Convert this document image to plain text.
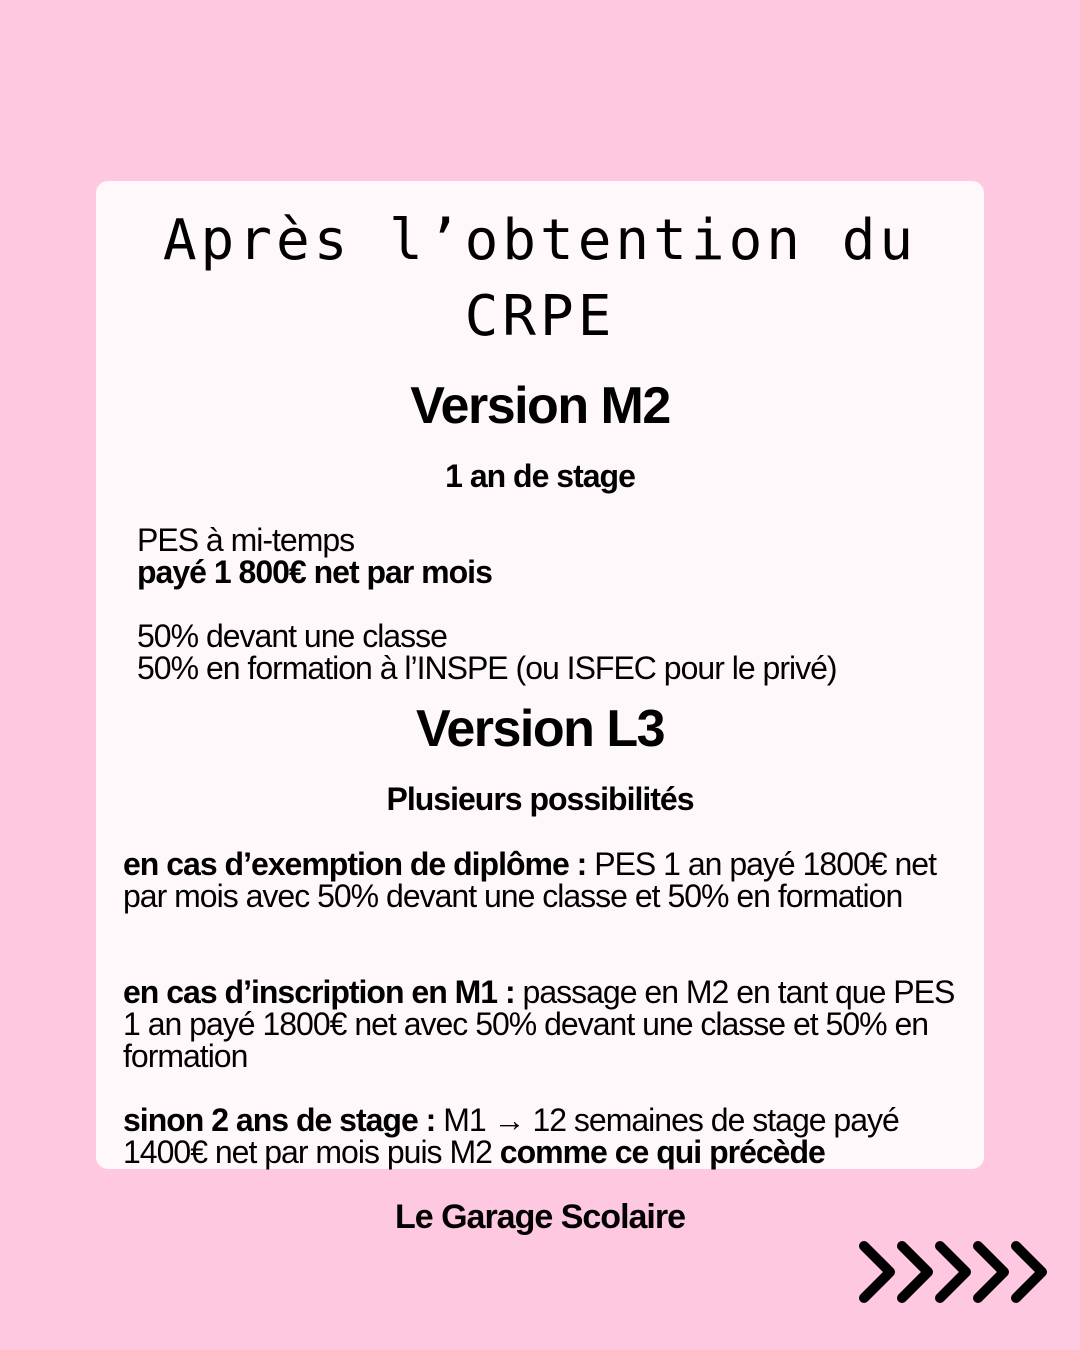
Après l’obtention du CRPE
Version M2
1 an de stage
PES à mi-temps
payé 1 800€ net par mois
50% devant une classe
50% en formation à l’INSPE (ou ISFEC pour le privé)
Version L3
Plusieurs possibilités

en cas d’exemption de diplôme : PES 1 an payé 1800€ net par mois avec 50% devant une classe et 50% en formation

en cas d’inscription en M1 : passage en M2 en tant que PES 1 an payé 1800€ net avec 50% devant une classe et 50% en formation

sinon 2 ans de stage : M1 → 12 semaines de stage payé 1400€ net par mois puis M2 comme ce qui précède

Le Garage Scolaire
